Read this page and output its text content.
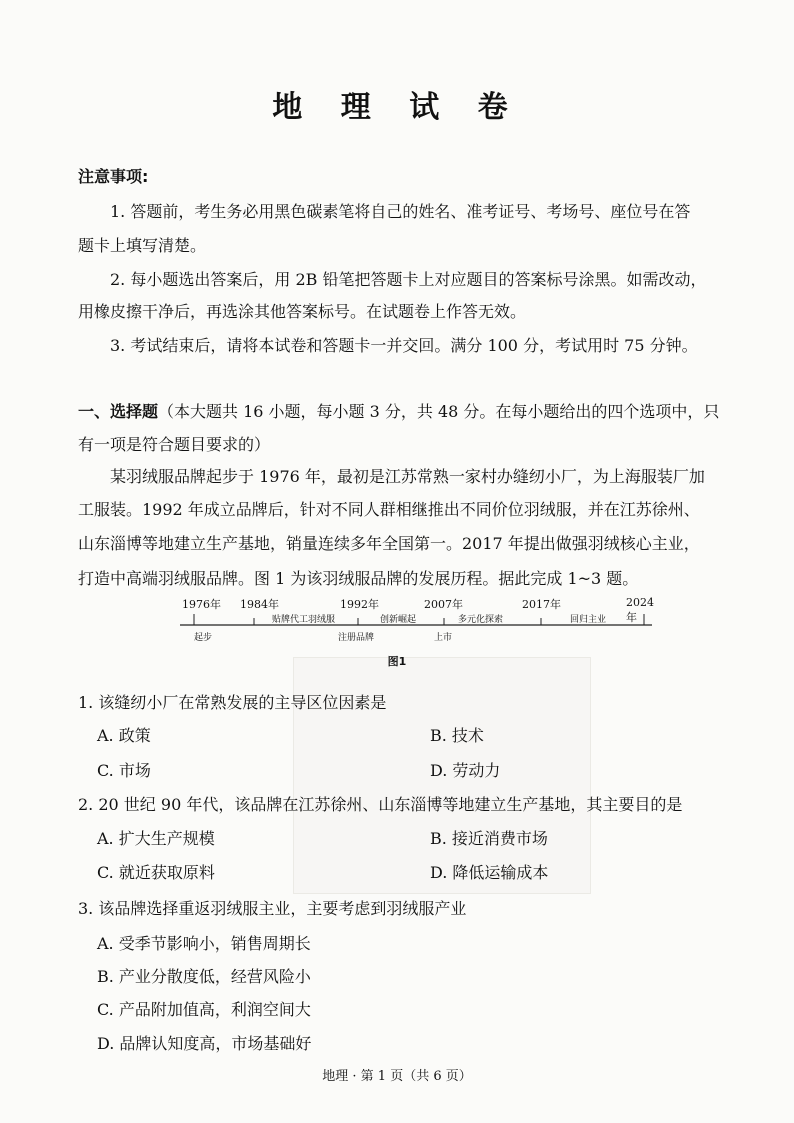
地 理 试 卷
注意事项:
1. 答题前，考生务必用黑色碳素笔将自己的姓名、准考证号、考场号、座位号在答
题卡上填写清楚。
2. 每小题选出答案后，用 2B 铅笔把答题卡上对应题目的答案标号涂黑。如需改动，
用橡皮擦干净后，再选涂其他答案标号。在试题卷上作答无效。
3. 考试结束后，请将本试卷和答题卡一并交回。满分 100 分，考试用时 75 分钟。
一、选择题（本大题共 16 小题，每小题 3 分，共 48 分。在每小题给出的四个选项中，只
有一项是符合题目要求的）
某羽绒服品牌起步于 1976 年，最初是江苏常熟一家村办缝纫小厂，为上海服装厂加
工服装。1992 年成立品牌后，针对不同人群相继推出不同价位羽绒服，并在江苏徐州、
山东淄博等地建立生产基地，销量连续多年全国第一。2017 年提出做强羽绒核心主业，
打造中高端羽绒服品牌。图 1 为该羽绒服品牌的发展历程。据此完成 1~3 题。
1976年 1984年	1992年	2007年	2017年	2024年
贴牌代工羽绒服	创新崛起	多元化探索	回归主业
起步	注册品牌	上市
图1
1. 该缝纫小厂在常熟发展的主导区位因素是
A. 政策	B. 技术
C. 市场	D. 劳动力
2. 20 世纪 90 年代，该品牌在江苏徐州、山东淄博等地建立生产基地，其主要目的是
A. 扩大生产规模	B. 接近消费市场
C. 就近获取原料	D. 降低运输成本
3. 该品牌选择重返羽绒服主业，主要考虑到羽绒服产业
A. 受季节影响小，销售周期长
B. 产业分散度低，经营风险小
C. 产品附加值高，利润空间大
D. 品牌认知度高，市场基础好
地理 · 第 1 页（共 6 页）
